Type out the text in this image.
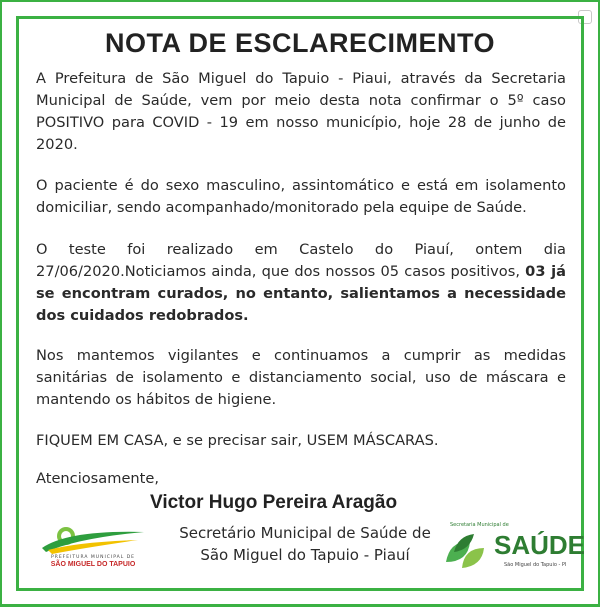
NOTA DE ESCLARECIMENTO
A Prefeitura de São Miguel do Tapuio - Piaui, através da Secretaria Municipal de Saúde, vem por meio desta nota confirmar o 5º caso POSITIVO para COVID - 19 em nosso município, hoje 28 de junho de 2020.
O paciente é do sexo masculino, assintomático e está em isolamento domiciliar, sendo acompanhado/monitorado pela equipe de Saúde.
O teste foi realizado em Castelo do Piauí, ontem dia 27/06/2020.Noticiamos ainda, que dos nossos 05 casos positivos, 03 já se encontram curados, no entanto, salientamos a necessidade dos cuidados redobrados.
Nos mantemos vigilantes e continuamos a cumprir as medidas sanitárias de isolamento e distanciamento social, uso de máscara e mantendo os hábitos de higiene.
FIQUEM EM CASA, e se precisar sair, USEM MÁSCARAS.
Atenciosamente,
Victor Hugo Pereira Aragão
Secretário Municipal de Saúde de
São Miguel do Tapuio - Piauí
PREFEITURA MUNICIPAL DE
SÃO MIGUEL DO TAPUIO
Secretaria Municipal de
SAÚDE
São Miguel do Tapuio - PI
